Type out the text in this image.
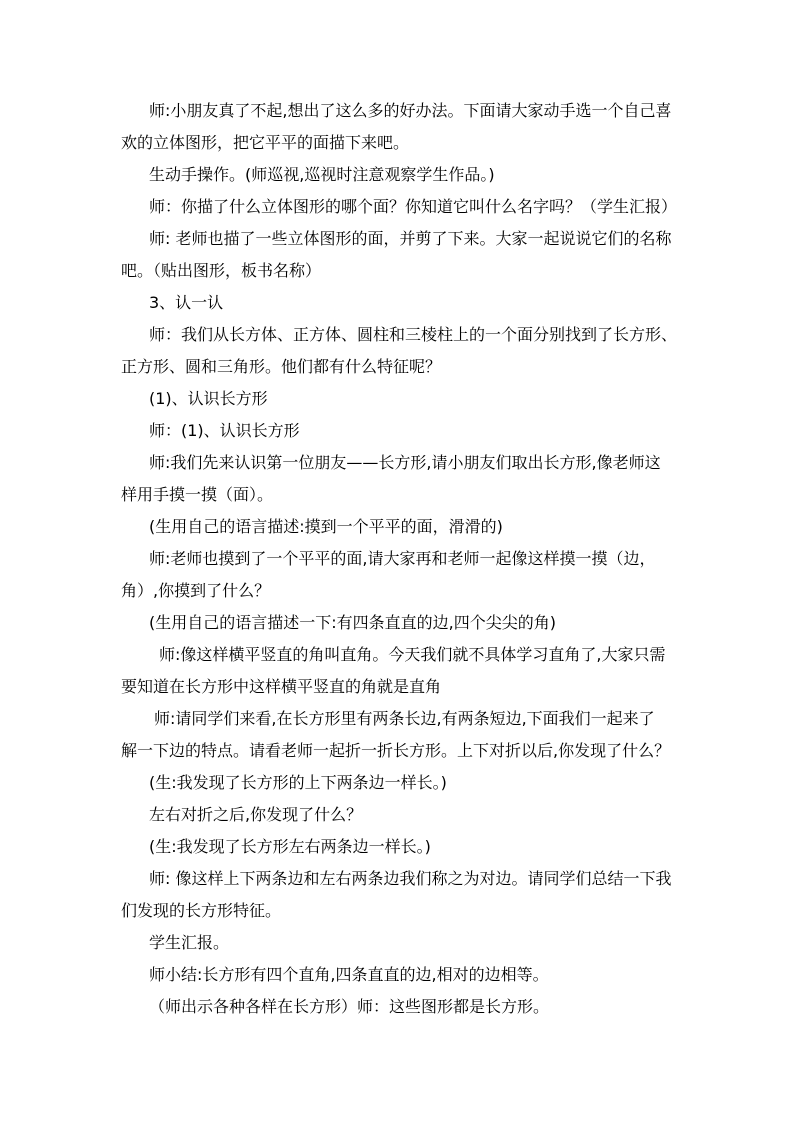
师:小朋友真了不起,想出了这么多的好办法。下面请大家动手选一个自己喜
欢的立体图形，把它平平的面描下来吧。
生动手操作。(师巡视,巡视时注意观察学生作品。)
师：你描了什么立体图形的哪个面？你知道它叫什么名字吗？（学生汇报）
师: 老师也描了一些立体图形的面，并剪了下来。大家一起说说它们的名称
吧。（贴出图形，板书名称）
3、认一认
师：我们从长方体、正方体、圆柱和三棱柱上的一个面分别找到了长方形、
正方形、圆和三角形。他们都有什么特征呢？
(1)、认识长方形
师：(1)、认识长方形
师:我们先来认识第一位朋友——长方形,请小朋友们取出长方形,像老师这
样用手摸一摸（面）。
(生用自己的语言描述:摸到一个平平的面，滑滑的)
师:老师也摸到了一个平平的面,请大家再和老师一起像这样摸一摸（边，
角）,你摸到了什么？
(生用自己的语言描述一下:有四条直直的边,四个尖尖的角)
师:像这样横平竖直的角叫直角。今天我们就不具体学习直角了,大家只需
要知道在长方形中这样横平竖直的角就是直角
师:请同学们来看,在长方形里有两条长边,有两条短边,下面我们一起来了
解一下边的特点。请看老师一起折一折长方形。上下对折以后,你发现了什么？
(生:我发现了长方形的上下两条边一样长。)
左右对折之后,你发现了什么？
(生:我发现了长方形左右两条边一样长。)
师: 像这样上下两条边和左右两条边我们称之为对边。请同学们总结一下我
们发现的长方形特征。
学生汇报。
师小结:长方形有四个直角,四条直直的边,相对的边相等。
（师出示各种各样在长方形）师：这些图形都是长方形。
